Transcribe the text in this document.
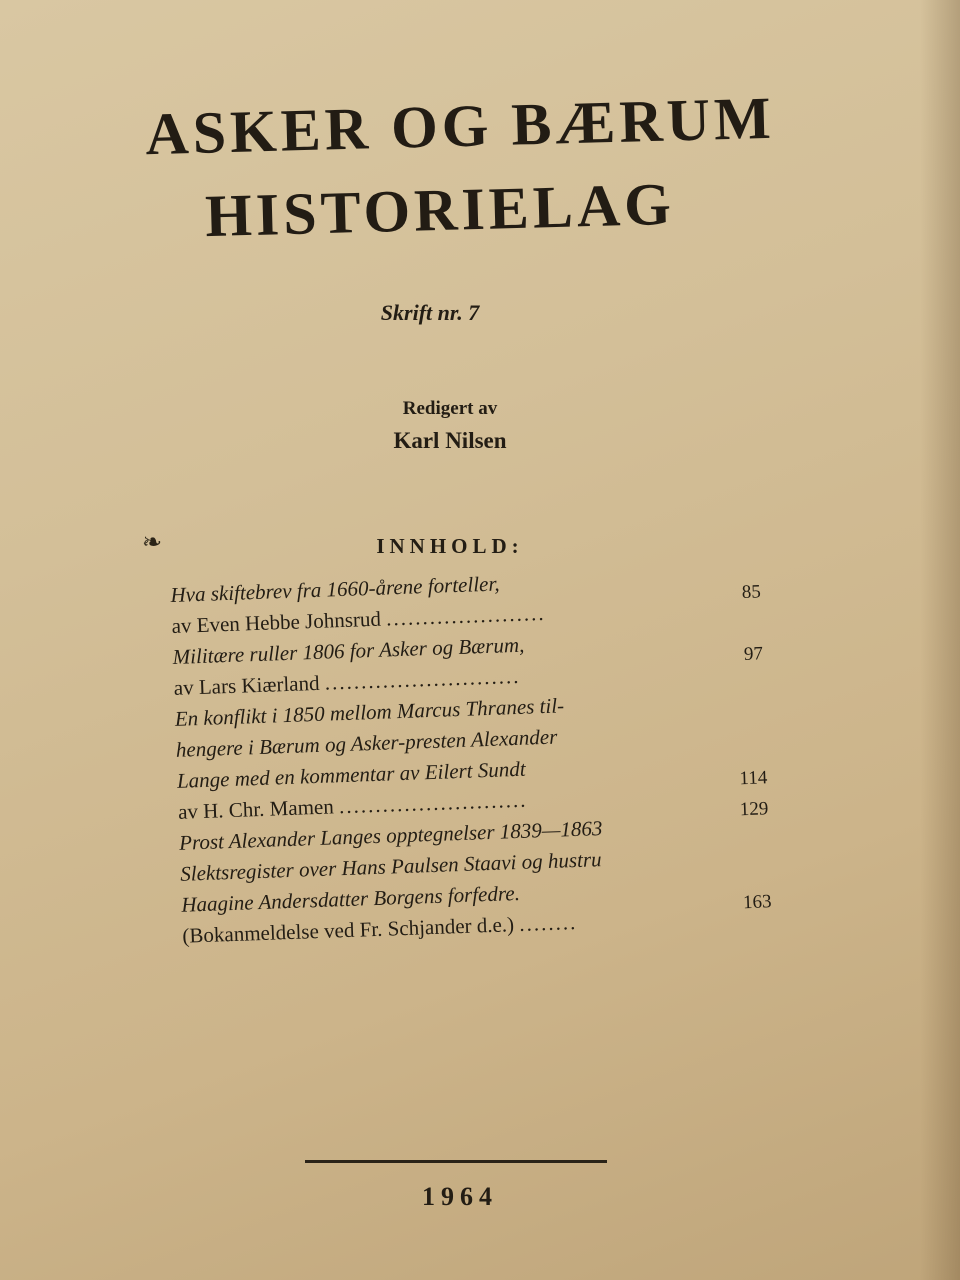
ASKER OG BÆRUM
HISTORIELAG
Skrift nr. 7
Redigert av
Karl Nilsen
❧	INNHOLD:
Hva skiftebrev fra 1660-årene forteller,
av Even Hebbe Johnsrud ......................
85
Militære ruller 1806 for Asker og Bærum,
av Lars Kiærland ...........................
97
En konflikt i 1850 mellom Marcus Thranes til-
hengere i Bærum og Asker-presten Alexander
Lange med en kommentar av Eilert Sundt
av H. Chr. Mamen ..........................
114
Prost Alexander Langes opptegnelser 1839—1863
129
Slektsregister over Hans Paulsen Staavi og hustru
Haagine Andersdatter Borgens forfedre.
(Bokanmeldelse ved Fr. Schjander d.e.) ........
163
1964
